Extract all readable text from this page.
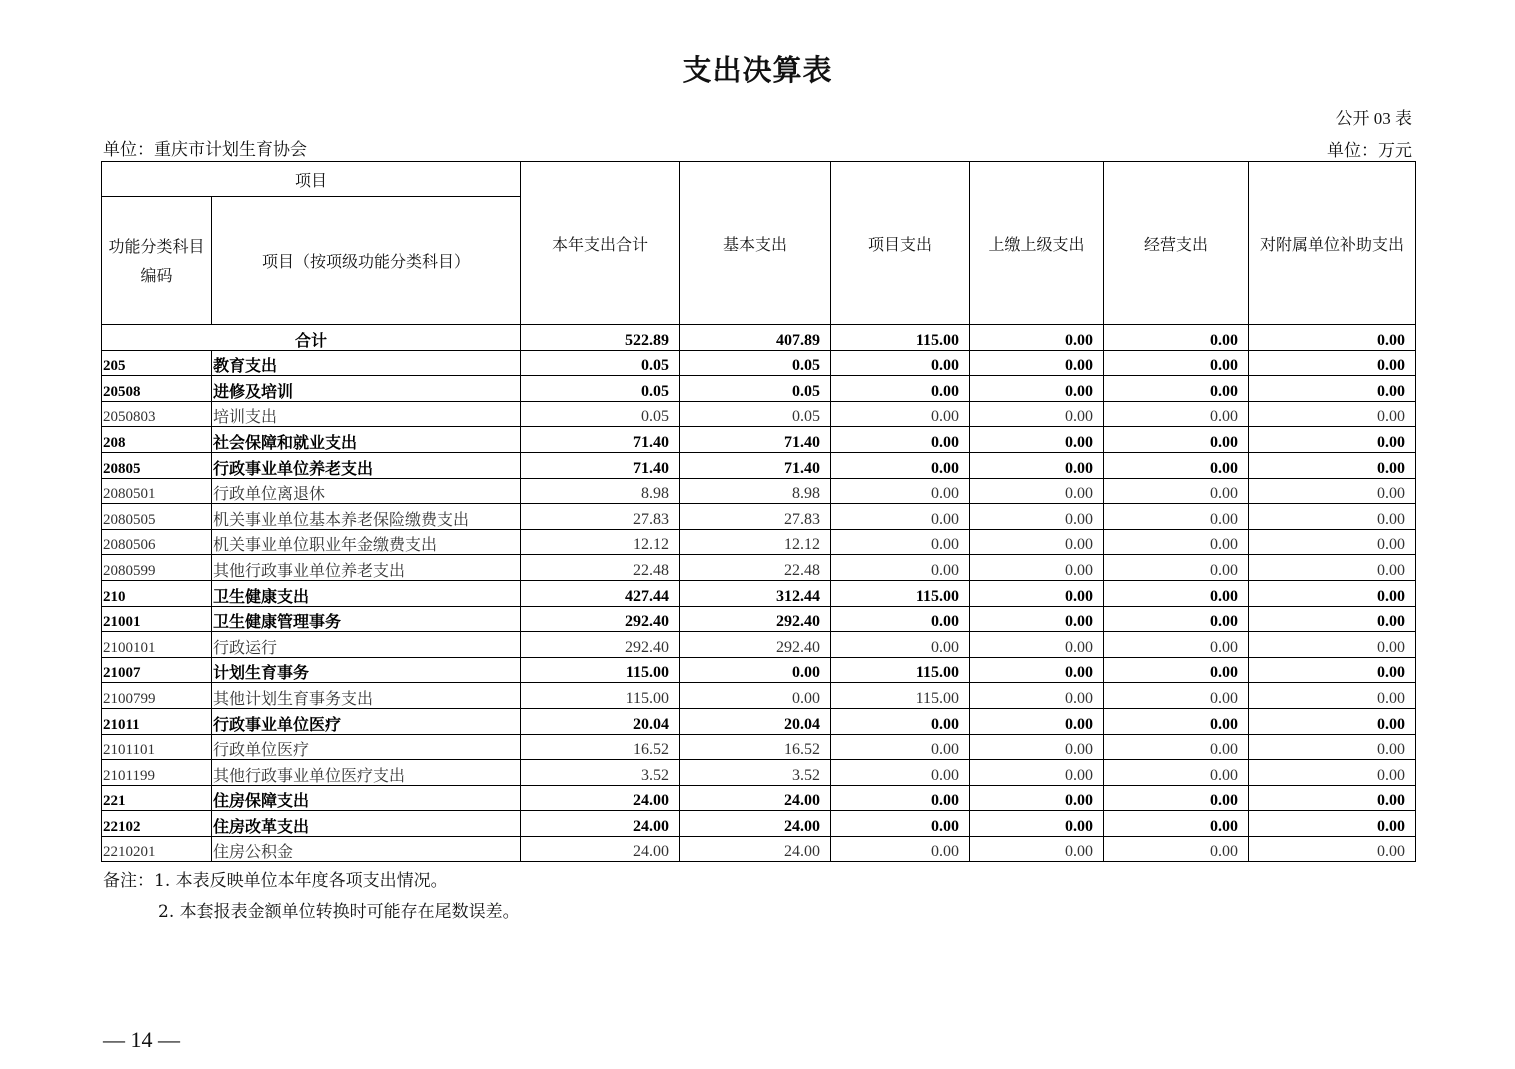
支出决算表
公开 03 表
单位：重庆市计划生育协会	单位：万元
项目		本年支出合计	基本支出	项目支出	上缴上级支出	经营支出	对附属单位补助支出
功能分类科目编码	项目（按项级功能分类科目）						
合计		522.89	407.89	115.00	0.00	0.00	0.00
205	教育支出	0.05	0.05	0.00	0.00	0.00	0.00
20508	进修及培训	0.05	0.05	0.00	0.00	0.00	0.00
2050803	培训支出	0.05	0.05	0.00	0.00	0.00	0.00
208	社会保障和就业支出	71.40	71.40	0.00	0.00	0.00	0.00
20805	行政事业单位养老支出	71.40	71.40	0.00	0.00	0.00	0.00
2080501	行政单位离退休	8.98	8.98	0.00	0.00	0.00	0.00
2080505	机关事业单位基本养老保险缴费支出	27.83	27.83	0.00	0.00	0.00	0.00
2080506	机关事业单位职业年金缴费支出	12.12	12.12	0.00	0.00	0.00	0.00
2080599	其他行政事业单位养老支出	22.48	22.48	0.00	0.00	0.00	0.00
210	卫生健康支出	427.44	312.44	115.00	0.00	0.00	0.00
21001	卫生健康管理事务	292.40	292.40	0.00	0.00	0.00	0.00
2100101	行政运行	292.40	292.40	0.00	0.00	0.00	0.00
21007	计划生育事务	115.00	0.00	115.00	0.00	0.00	0.00
2100799	其他计划生育事务支出	115.00	0.00	115.00	0.00	0.00	0.00
21011	行政事业单位医疗	20.04	20.04	0.00	0.00	0.00	0.00
2101101	行政单位医疗	16.52	16.52	0.00	0.00	0.00	0.00
2101199	其他行政事业单位医疗支出	3.52	3.52	0.00	0.00	0.00	0.00
221	住房保障支出	24.00	24.00	0.00	0.00	0.00	0.00
22102	住房改革支出	24.00	24.00	0.00	0.00	0.00	0.00
2210201	住房公积金	24.00	24.00	0.00	0.00	0.00	0.00
备注：1. 本表反映单位本年度各项支出情况。
2. 本套报表金额单位转换时可能存在尾数误差。
— 14 —
